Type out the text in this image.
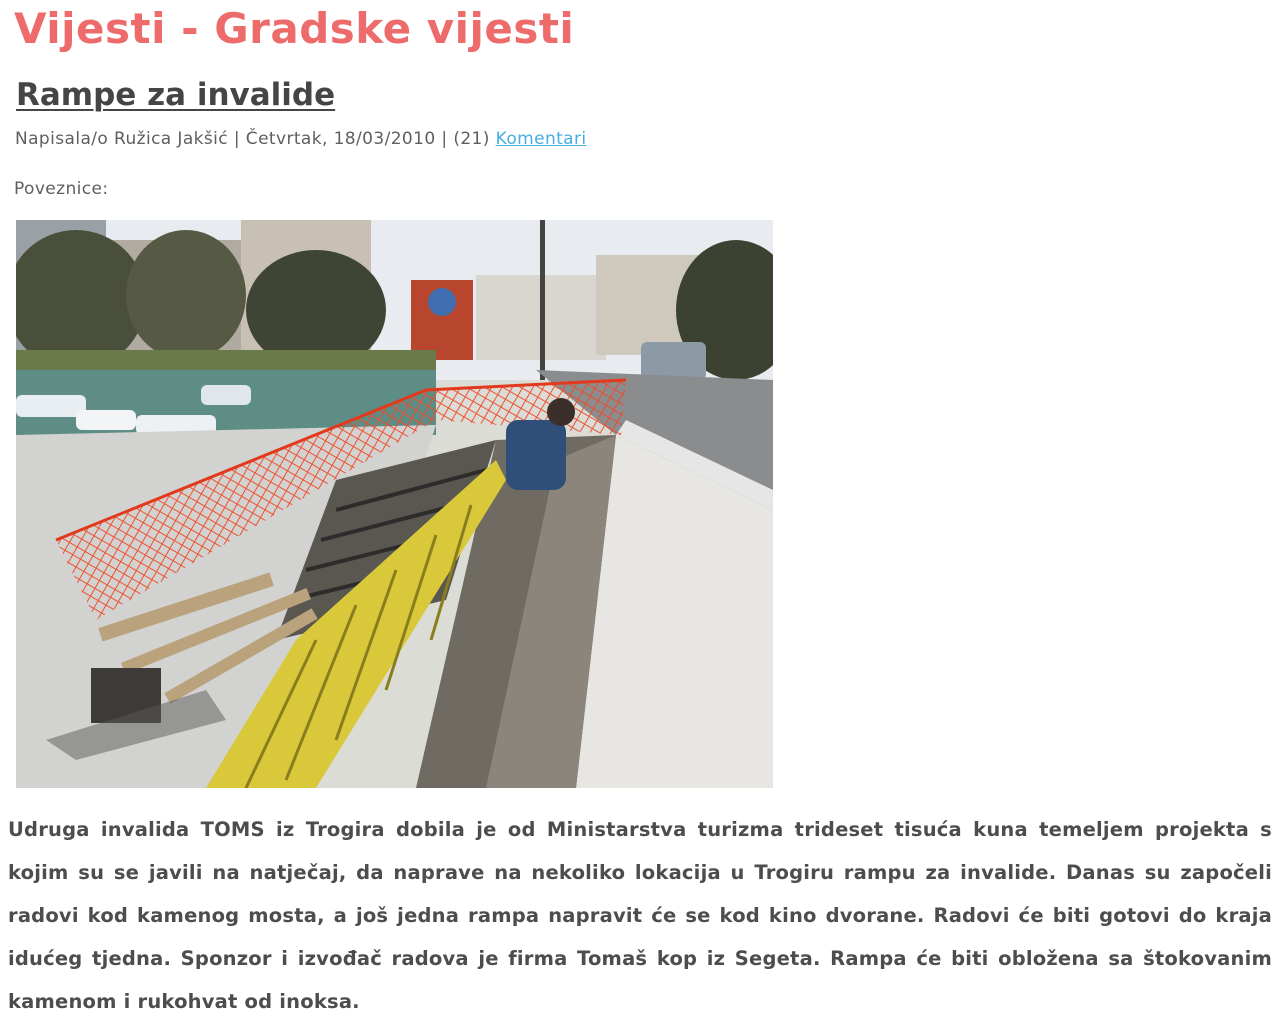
Vijesti - Gradske vijesti
Rampe za invalide
Napisala/o Ružica Jakšić | Četvrtak, 18/03/2010 | (21) Komentari
Poveznice:

Udruga invalida TOMS iz Trogira dobila je od Ministarstva turizma trideset tisuća kuna temeljem projekta s kojim su se javili na natječaj, da naprave na nekoliko lokacija u Trogiru rampu za invalide. Danas su započeli radovi kod kamenog mosta, a još jedna rampa napravit će se kod kino dvorane. Radovi će biti gotovi do kraja idućeg tjedna. Sponzor i izvođač radova je firma Tomaš kop iz Segeta. Rampa će biti obložena sa štokovanim kamenom i rukohvat od inoksa.
